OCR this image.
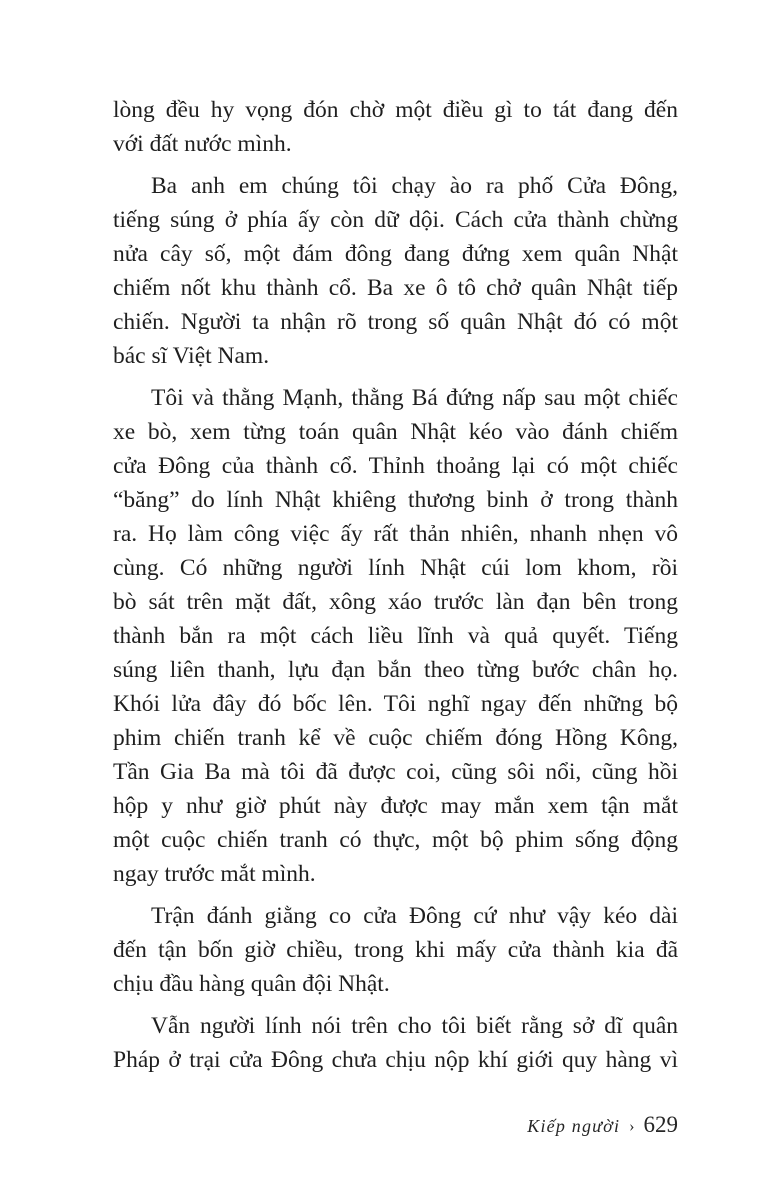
lòng đều hy vọng đón chờ một điều gì to tát đang đến
với đất nước mình.
Ba anh em chúng tôi chạy ào ra phố Cửa Đông,
tiếng súng ở phía ấy còn dữ dội. Cách cửa thành chừng
nửa cây số, một đám đông đang đứng xem quân Nhật
chiếm nốt khu thành cổ. Ba xe ô tô chở quân Nhật tiếp
chiến. Người ta nhận rõ trong số quân Nhật đó có một
bác sĩ Việt Nam.
Tôi và thằng Mạnh, thằng Bá đứng nấp sau một chiếc
xe bò, xem từng toán quân Nhật kéo vào đánh chiếm
cửa Đông của thành cổ. Thỉnh thoảng lại có một chiếc
“băng” do lính Nhật khiêng thương binh ở trong thành
ra. Họ làm công việc ấy rất thản nhiên, nhanh nhẹn vô
cùng. Có những người lính Nhật cúi lom khom, rồi
bò sát trên mặt đất, xông xáo trước làn đạn bên trong
thành bắn ra một cách liều lĩnh và quả quyết. Tiếng
súng liên thanh, lựu đạn bắn theo từng bước chân họ.
Khói lửa đây đó bốc lên. Tôi nghĩ ngay đến những bộ
phim chiến tranh kể về cuộc chiếm đóng Hồng Kông,
Tần Gia Ba mà tôi đã được coi, cũng sôi nổi, cũng hồi
hộp y như giờ phút này được may mắn xem tận mắt
một cuộc chiến tranh có thực, một bộ phim sống động
ngay trước mắt mình.
Trận đánh giằng co cửa Đông cứ như vậy kéo dài
đến tận bốn giờ chiều, trong khi mấy cửa thành kia đã
chịu đầu hàng quân đội Nhật.
Vẫn người lính nói trên cho tôi biết rằng sở dĩ quân
Pháp ở trại cửa Đông chưa chịu nộp khí giới quy hàng vì
Kiếp người › 629
